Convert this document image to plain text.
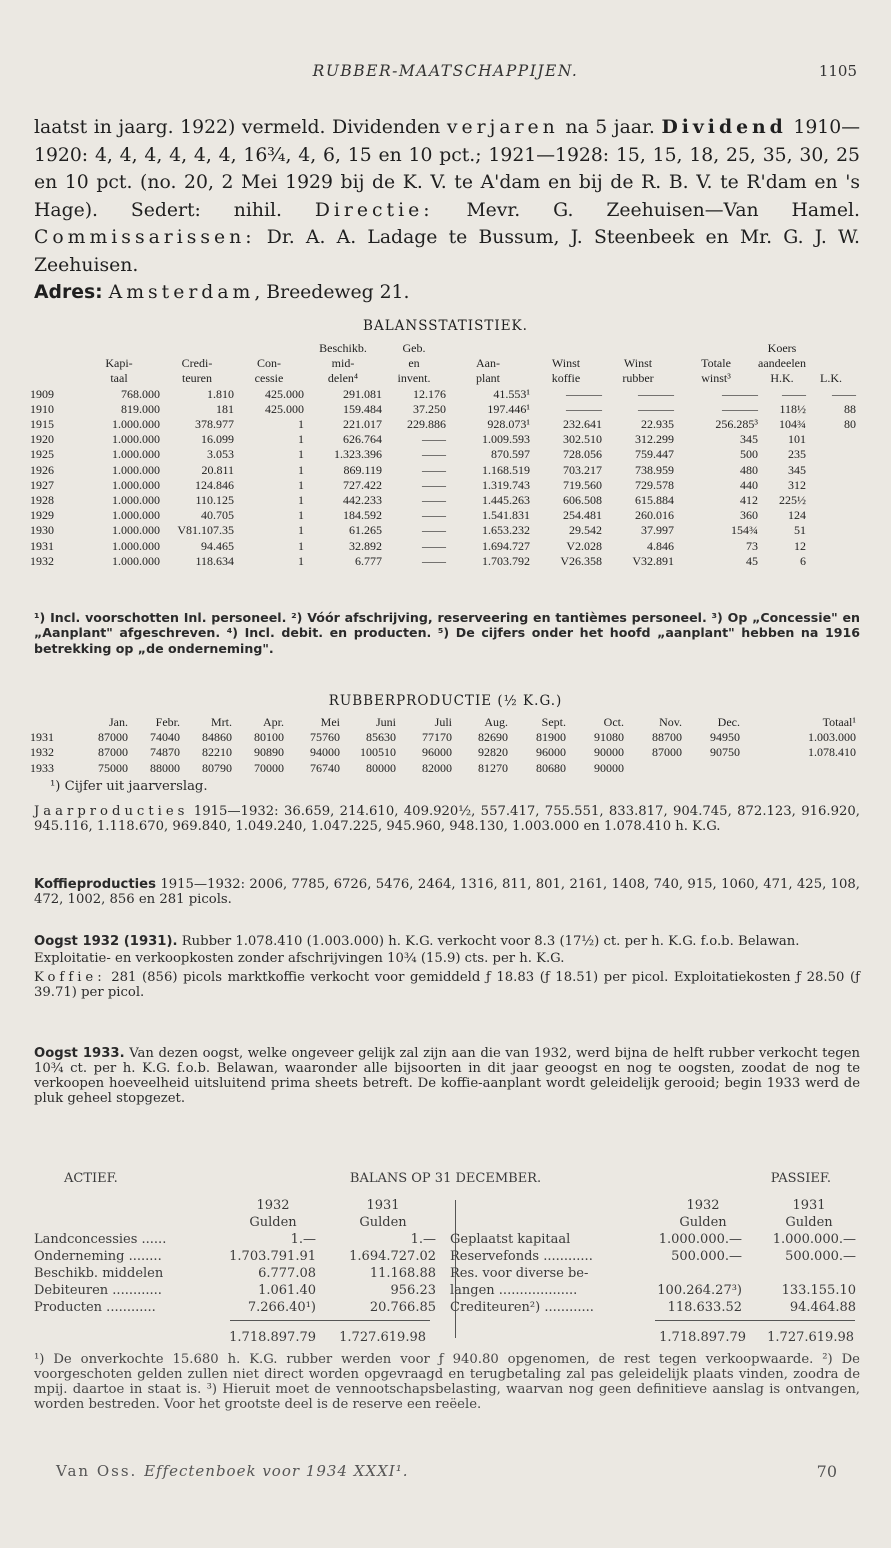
RUBBER-MAATSCHAPPIJEN.	1105

laatst in jaarg. 1922) vermeld. Dividenden verjaren na 5 jaar. Dividend 1910—1920: 4, 4, 4, 4, 4, 4, 16¾, 4, 6, 15 en 10 pct.; 1921—1928: 15, 15, 18, 25, 35, 30, 25 en 10 pct. (no. 20, 2 Mei 1929 bij de K. V. te A'dam en bij de R. B. V. te R'dam en 's Hage). Sedert: nihil. Directie: Mevr. G. Zeehuisen—Van Hamel. Commissarissen: Dr. A. A. Ladage te Bussum, J. Steenbeek en Mr. G. J. W. Zeehuisen.

Adres: Amsterdam, Breedeweg 21.

BALANSSTATISTIEK.
				Beschikb.	Geb.					Koers	
	Kapi-	Credi-	Con-	mid-	en	Aan-	Winst	Winst	Totale	aandeelen	
	taal	teuren	cessie	delen⁴	invent.	plant	koffie	rubber	winst³	H.K.	L.K.
1909	768.000	1.810	425.000	291.081	12.176	41.553¹	———	———	———	——	——
1910	819.000	181	425.000	159.484	37.250	197.446¹	———	———	———	118½	88
1915	1.000.000	378.977	1	221.017	229.886	928.073¹	232.641	22.935	256.285³	104¾	80
1920	1.000.000	16.099	1	626.764	——	1.009.593	302.510	312.299	345	101	
1925	1.000.000	3.053	1	1.323.396	——	870.597	728.056	759.447	500	235	
1926	1.000.000	20.811	1	869.119	——	1.168.519	703.217	738.959	480	345	
1927	1.000.000	124.846	1	727.422	——	1.319.743	719.560	729.578	440	312	
1928	1.000.000	110.125	1	442.233	——	1.445.263	606.508	615.884	412	225½	
1929	1.000.000	40.705	1	184.592	——	1.541.831	254.481	260.016	360	124	
1930	1.000.000	V81.107.35	1	61.265	——	1.653.232	29.542	37.997	154¾	51	
1931	1.000.000	94.465	1	32.892	——	1.694.727	V2.028	4.846	73	12	
1932	1.000.000	118.634	1	6.777	——	1.703.792	V26.358	V32.891	45	6	

¹) Incl. voorschotten Inl. personeel. ²) Vóór afschrijving, reserveering en tantièmes personeel. ³) Op „Concessie" en „Aanplant" afgeschreven. ⁴) Incl. debit. en producten. ⁵) De cijfers onder het hoofd „aanplant" hebben na 1916 betrekking op „de onderneming".

RUBBERPRODUCTIE (½ K.G.)
	Jan.	Febr.	Mrt.	Apr.	Mei	Juni	Juli	Aug.	Sept.	Oct.	Nov.	Dec.	Totaal¹
1931	87000	74040	84860	80100	75760	85630	77170	82690	81900	91080	88700	94950	1.003.000
1932	87000	74870	82210	90890	94000	100510	96000	92820	96000	90000	87000	90750	1.078.410
1933	75000	88000	80790	70000	76740	80000	82000	81270	80680	90000			
¹) Cijfer uit jaarverslag.

Jaarproducties 1915—1932: 36.659, 214.610, 409.920½, 557.417, 755.551, 833.817, 904.745, 872.123, 916.920, 945.116, 1.118.670, 969.840, 1.049.240, 1.047.225, 945.960, 948.130, 1.003.000 en 1.078.410 h. K.G.

Koffieproducties 1915—1932: 2006, 7785, 6726, 5476, 2464, 1316, 811, 801, 2161, 1408, 740, 915, 1060, 471, 425, 108, 472, 1002, 856 en 281 picols.

Oogst 1932 (1931). Rubber 1.078.410 (1.003.000) h. K.G. verkocht voor 8.3 (17½) ct. per h. K.G. f.o.b. Belawan.

Exploitatie- en verkoopkosten zonder afschrijvingen 10¾ (15.9) cts. per h. K.G.

Koffie: 281 (856) picols marktkoffie verkocht voor gemiddeld ƒ 18.83 (ƒ 18.51) per picol. Exploitatiekosten ƒ 28.50 (ƒ 39.71) per picol.

Oogst 1933. Van dezen oogst, welke ongeveer gelijk zal zijn aan die van 1932, werd bijna de helft rubber verkocht tegen 10¾ ct. per h. K.G. f.o.b. Belawan, waaronder alle bijsoorten in dit jaar geoogst en nog te oogsten, zoodat de nog te verkoopen hoeveelheid uitsluitend prima sheets betreft. De koffie-aanplant wordt geleidelijk gerooid; begin 1933 werd de pluk geheel stopgezet.

ACTIEF.	BALANS OP 31 DECEMBER.	PASSIEF.
1932	1931
Gulden	Gulden
1932	1931
Gulden	Gulden
Landconcessies ......	1.—	1.—
Onderneming ........	1.703.791.91	1.694.727.02
Beschikb. middelen	6.777.08	11.168.88
Debiteuren ............	1.061.40	956.23
Producten ............	7.266.40¹)	20.766.85
Geplaatst kapitaal	1.000.000.—	1.000.000.—
Reservefonds ............	500.000.—	500.000.—
Res. voor diverse be-
langen ...................	100.264.27³)	133.155.10
Crediteuren²) ............	118.633.52	94.464.88
1.718.897.79	1.727.619.98	1.718.897.79	1.727.619.98
¹) De onverkochte 15.680 h. K.G. rubber werden voor ƒ 940.80 opgenomen, de rest tegen verkoopwaarde. ²) De voorgeschoten gelden zullen niet direct worden opgevraagd en terugbetaling zal pas geleidelijk plaats vinden, zoodra de mpij. daartoe in staat is. ³) Hieruit moet de vennootschapsbelasting, waarvan nog geen definitieve aanslag is ontvangen, worden bestreden. Voor het grootste deel is de reserve een reëele.
Van Oss. Effectenboek voor 1934 XXXI¹.	70
